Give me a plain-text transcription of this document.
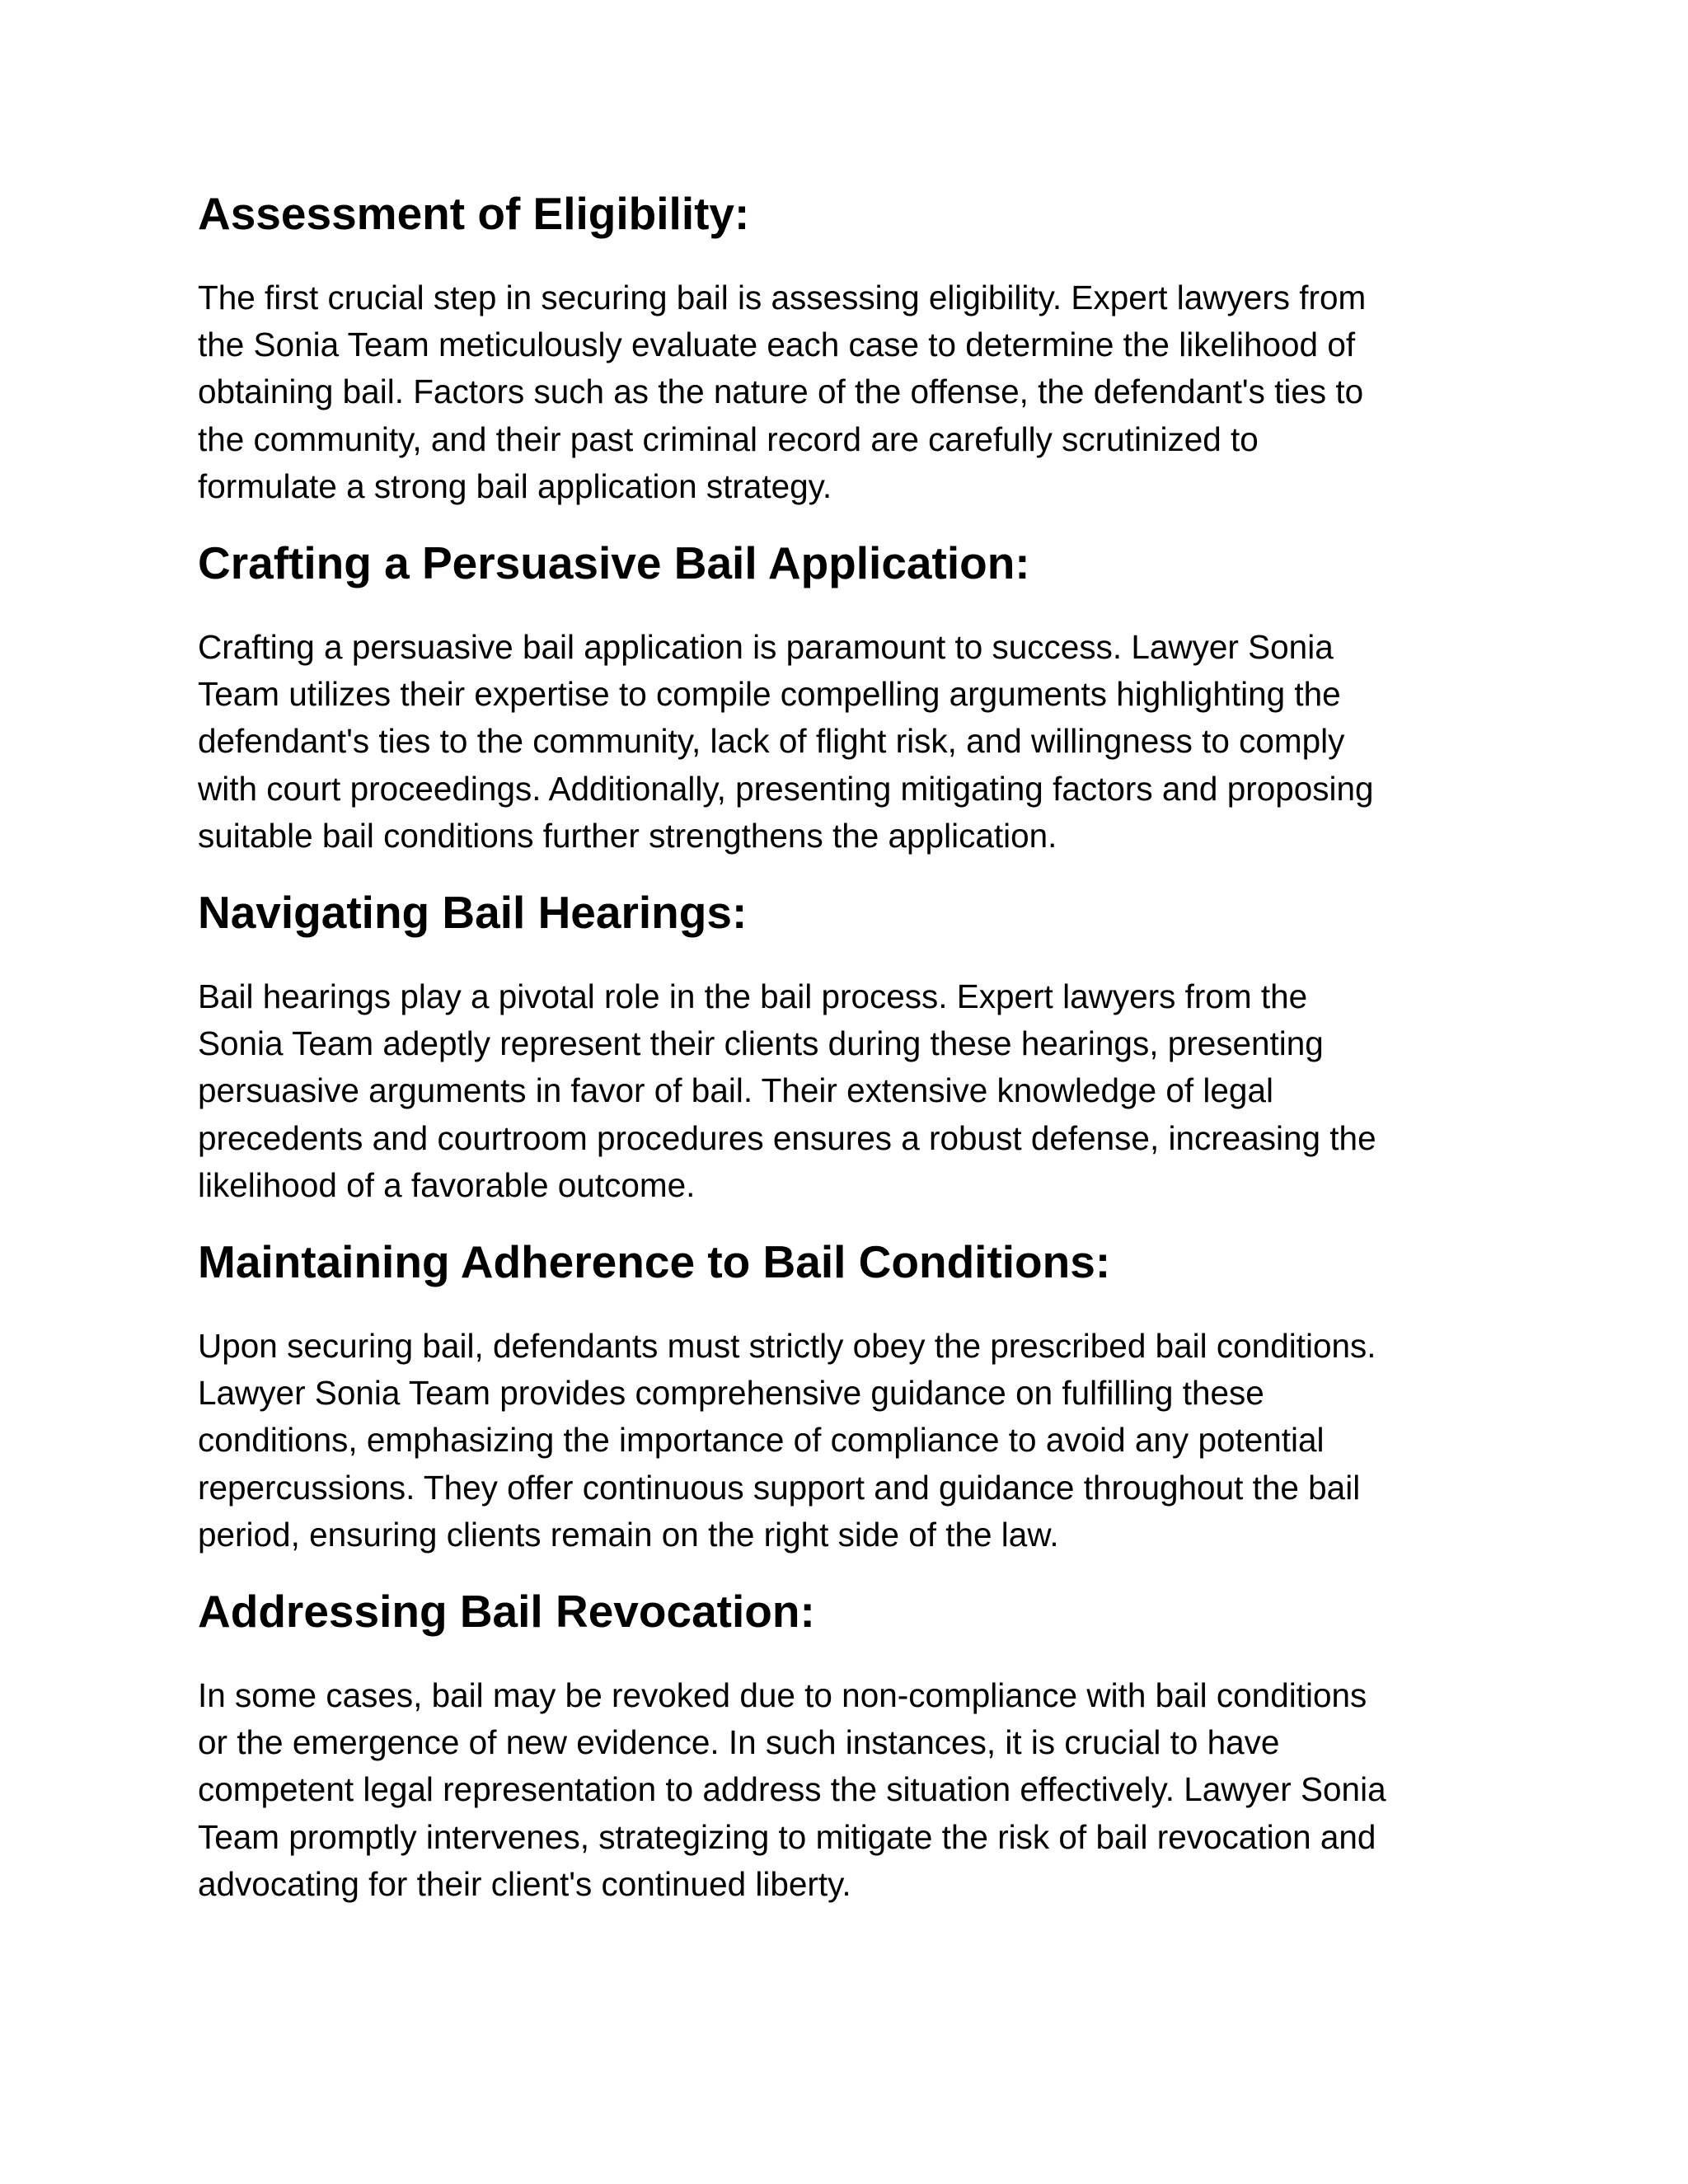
Assessment of Eligibility:

The first crucial step in securing bail is assessing eligibility. Expert lawyers from
the Sonia Team meticulously evaluate each case to determine the likelihood of
obtaining bail. Factors such as the nature of the offense, the defendant's ties to
the community, and their past criminal record are carefully scrutinized to
formulate a strong bail application strategy.

Crafting a Persuasive Bail Application:

Crafting a persuasive bail application is paramount to success. Lawyer Sonia
Team utilizes their expertise to compile compelling arguments highlighting the
defendant's ties to the community, lack of flight risk, and willingness to comply
with court proceedings. Additionally, presenting mitigating factors and proposing
suitable bail conditions further strengthens the application.

Navigating Bail Hearings:

Bail hearings play a pivotal role in the bail process. Expert lawyers from the
Sonia Team adeptly represent their clients during these hearings, presenting
persuasive arguments in favor of bail. Their extensive knowledge of legal
precedents and courtroom procedures ensures a robust defense, increasing the
likelihood of a favorable outcome.

Maintaining Adherence to Bail Conditions:

Upon securing bail, defendants must strictly obey the prescribed bail conditions.
Lawyer Sonia Team provides comprehensive guidance on fulfilling these
conditions, emphasizing the importance of compliance to avoid any potential
repercussions. They offer continuous support and guidance throughout the bail
period, ensuring clients remain on the right side of the law.

Addressing Bail Revocation:

In some cases, bail may be revoked due to non-compliance with bail conditions
or the emergence of new evidence. In such instances, it is crucial to have
competent legal representation to address the situation effectively. Lawyer Sonia
Team promptly intervenes, strategizing to mitigate the risk of bail revocation and
advocating for their client's continued liberty.
